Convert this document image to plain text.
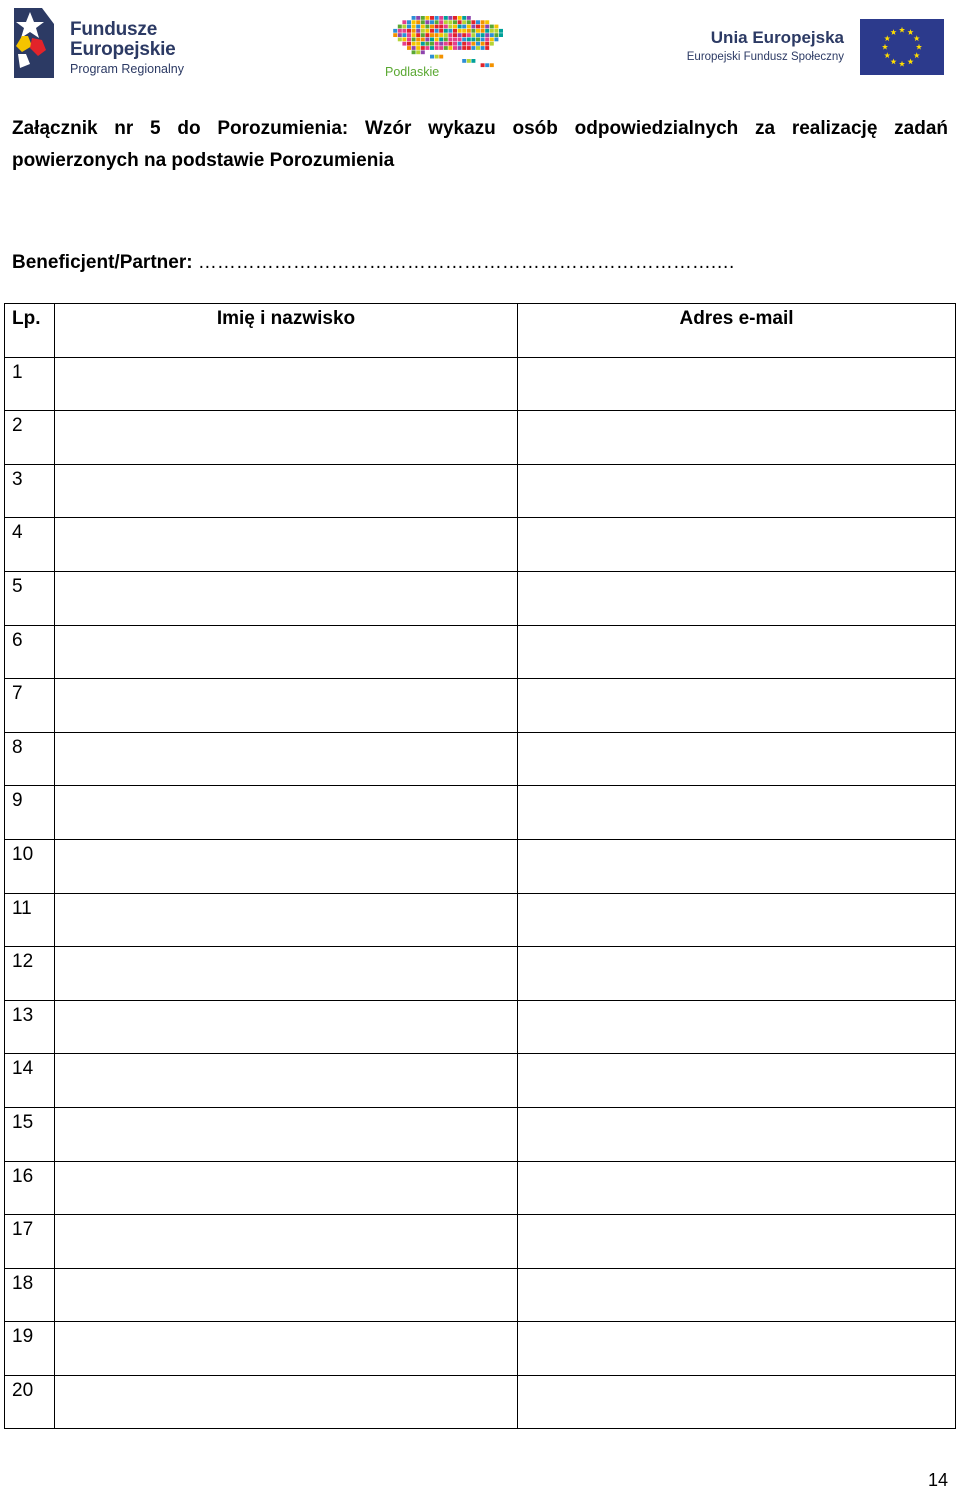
Fundusze
Europejskie
Program Regionalny	Podlaskie
Unia Europejska
Europejski Fundusz Społeczny

Załącznik nr 5 do Porozumienia: Wzór wykazu osób odpowiedzialnych za realizację zadań powierzonych na podstawie Porozumienia

Beneficjent/Partner: ……………………………………………………………………….…
Lp.	Imię i nazwisko	Adres e-mail
1		
2		
3		
4		
5		
6		
7		
8		
9		
10		
11		
12		
13		
14		
15		
16		
17		
18		
19		
20		
14
